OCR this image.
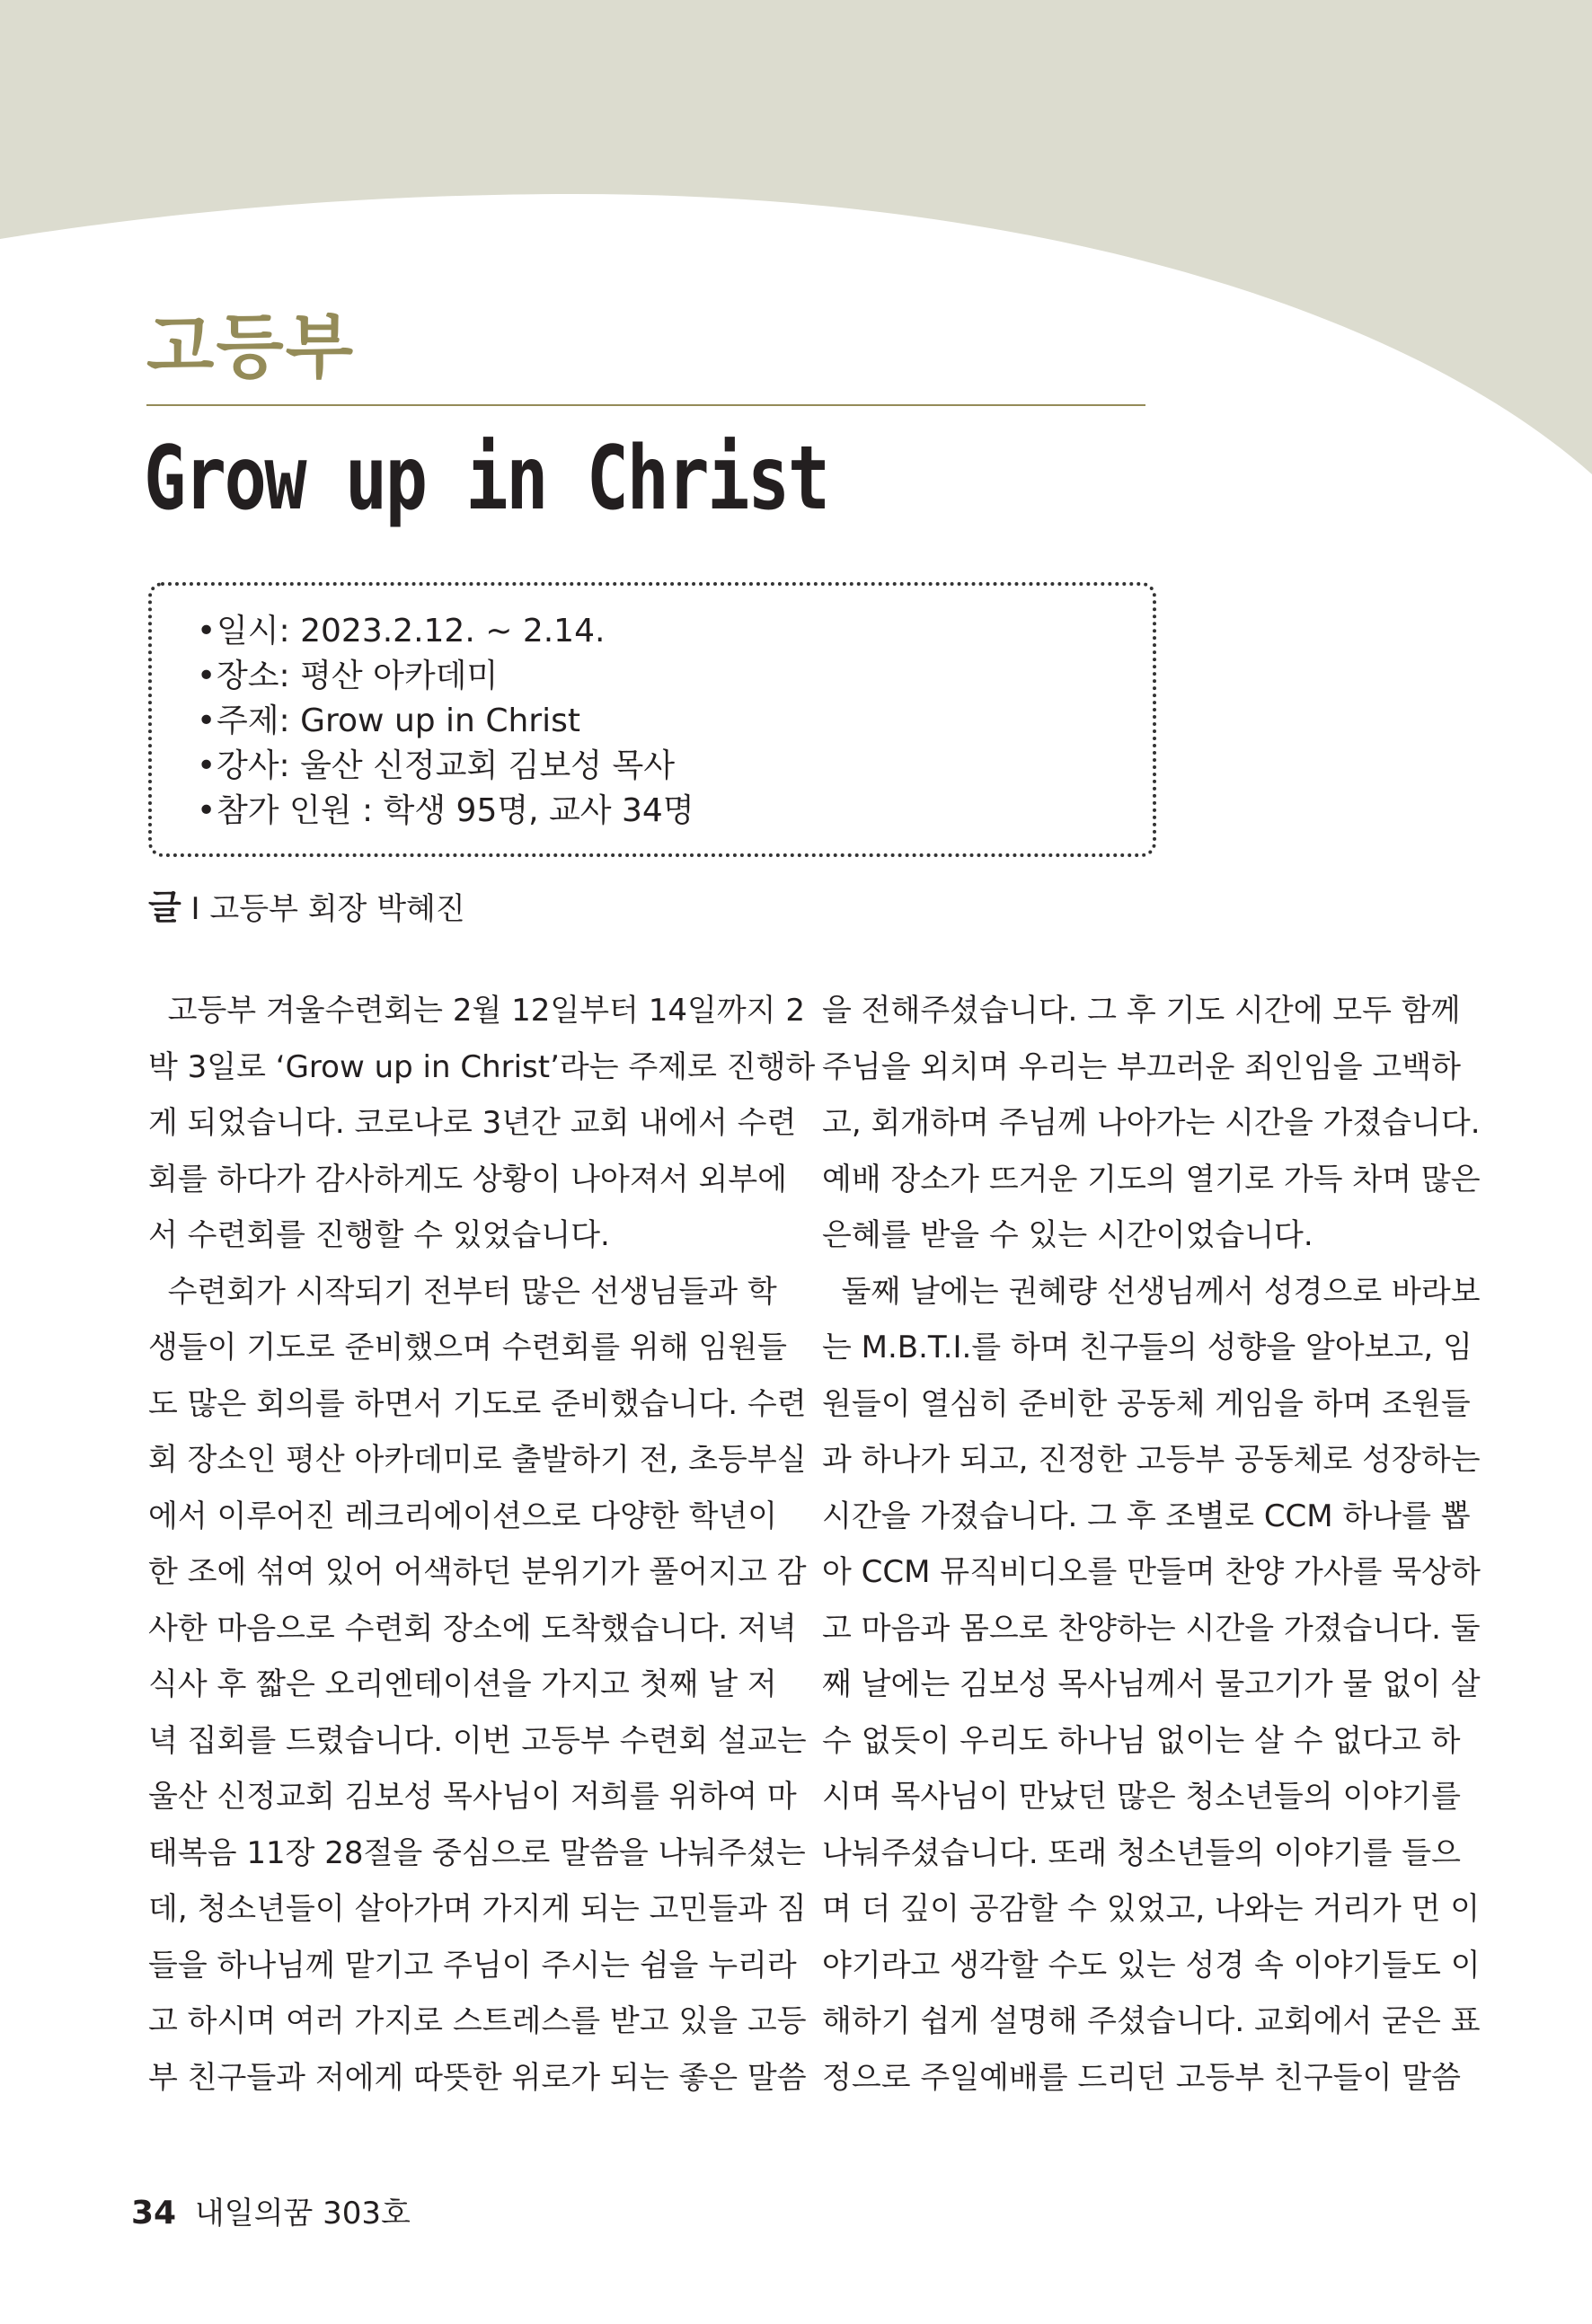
고등부
Grow up in Christ
•일시: 2023.2.12. ~ 2.14.
•장소: 평산 아카데미
•주제: Grow up in Christ
•강사: 울산 신정교회 김보성 목사
•참가 인원 : 학생 95명, 교사 34명
글 I 고등부 회장 박혜진
고등부 겨울수련회는 2월 12일부터 14일까지 2
박 3일로 ‘Grow up in Christ’라는 주제로 진행하
게 되었습니다. 코로나로 3년간 교회 내에서 수련
회를 하다가 감사하게도 상황이 나아져서 외부에
서 수련회를 진행할 수 있었습니다.
수련회가 시작되기 전부터 많은 선생님들과 학
생들이 기도로 준비했으며 수련회를 위해 임원들
도 많은 회의를 하면서 기도로 준비했습니다. 수련
회 장소인 평산 아카데미로 출발하기 전, 초등부실
에서 이루어진 레크리에이션으로 다양한 학년이
한 조에 섞여 있어 어색하던 분위기가 풀어지고 감
사한 마음으로 수련회 장소에 도착했습니다. 저녁
식사 후 짧은 오리엔테이션을 가지고 첫째 날 저
녁 집회를 드렸습니다. 이번 고등부 수련회 설교는
울산 신정교회 김보성 목사님이 저희를 위하여 마
태복음 11장 28절을 중심으로 말씀을 나눠주셨는
데, 청소년들이 살아가며 가지게 되는 고민들과 짐
들을 하나님께 맡기고 주님이 주시는 쉼을 누리라
고 하시며 여러 가지로 스트레스를 받고 있을 고등
부 친구들과 저에게 따뜻한 위로가 되는 좋은 말씀
을 전해주셨습니다. 그 후 기도 시간에 모두 함께
주님을 외치며 우리는 부끄러운 죄인임을 고백하
고, 회개하며 주님께 나아가는 시간을 가졌습니다.
예배 장소가 뜨거운 기도의 열기로 가득 차며 많은
은혜를 받을 수 있는 시간이었습니다.
둘째 날에는 권혜량 선생님께서 성경으로 바라보
는 M.B.T.I.를 하며 친구들의 성향을 알아보고, 임
원들이 열심히 준비한 공동체 게임을 하며 조원들
과 하나가 되고, 진정한 고등부 공동체로 성장하는
시간을 가졌습니다. 그 후 조별로 CCM 하나를 뽑
아 CCM 뮤직비디오를 만들며 찬양 가사를 묵상하
고 마음과 몸으로 찬양하는 시간을 가졌습니다. 둘
째 날에는 김보성 목사님께서 물고기가 물 없이 살
수 없듯이 우리도 하나님 없이는 살 수 없다고 하
시며 목사님이 만났던 많은 청소년들의 이야기를
나눠주셨습니다. 또래 청소년들의 이야기를 들으
며 더 깊이 공감할 수 있었고, 나와는 거리가 먼 이
야기라고 생각할 수도 있는 성경 속 이야기들도 이
해하기 쉽게 설명해 주셨습니다. 교회에서 굳은 표
정으로 주일예배를 드리던 고등부 친구들이 말씀
34 내일의꿈 303호
